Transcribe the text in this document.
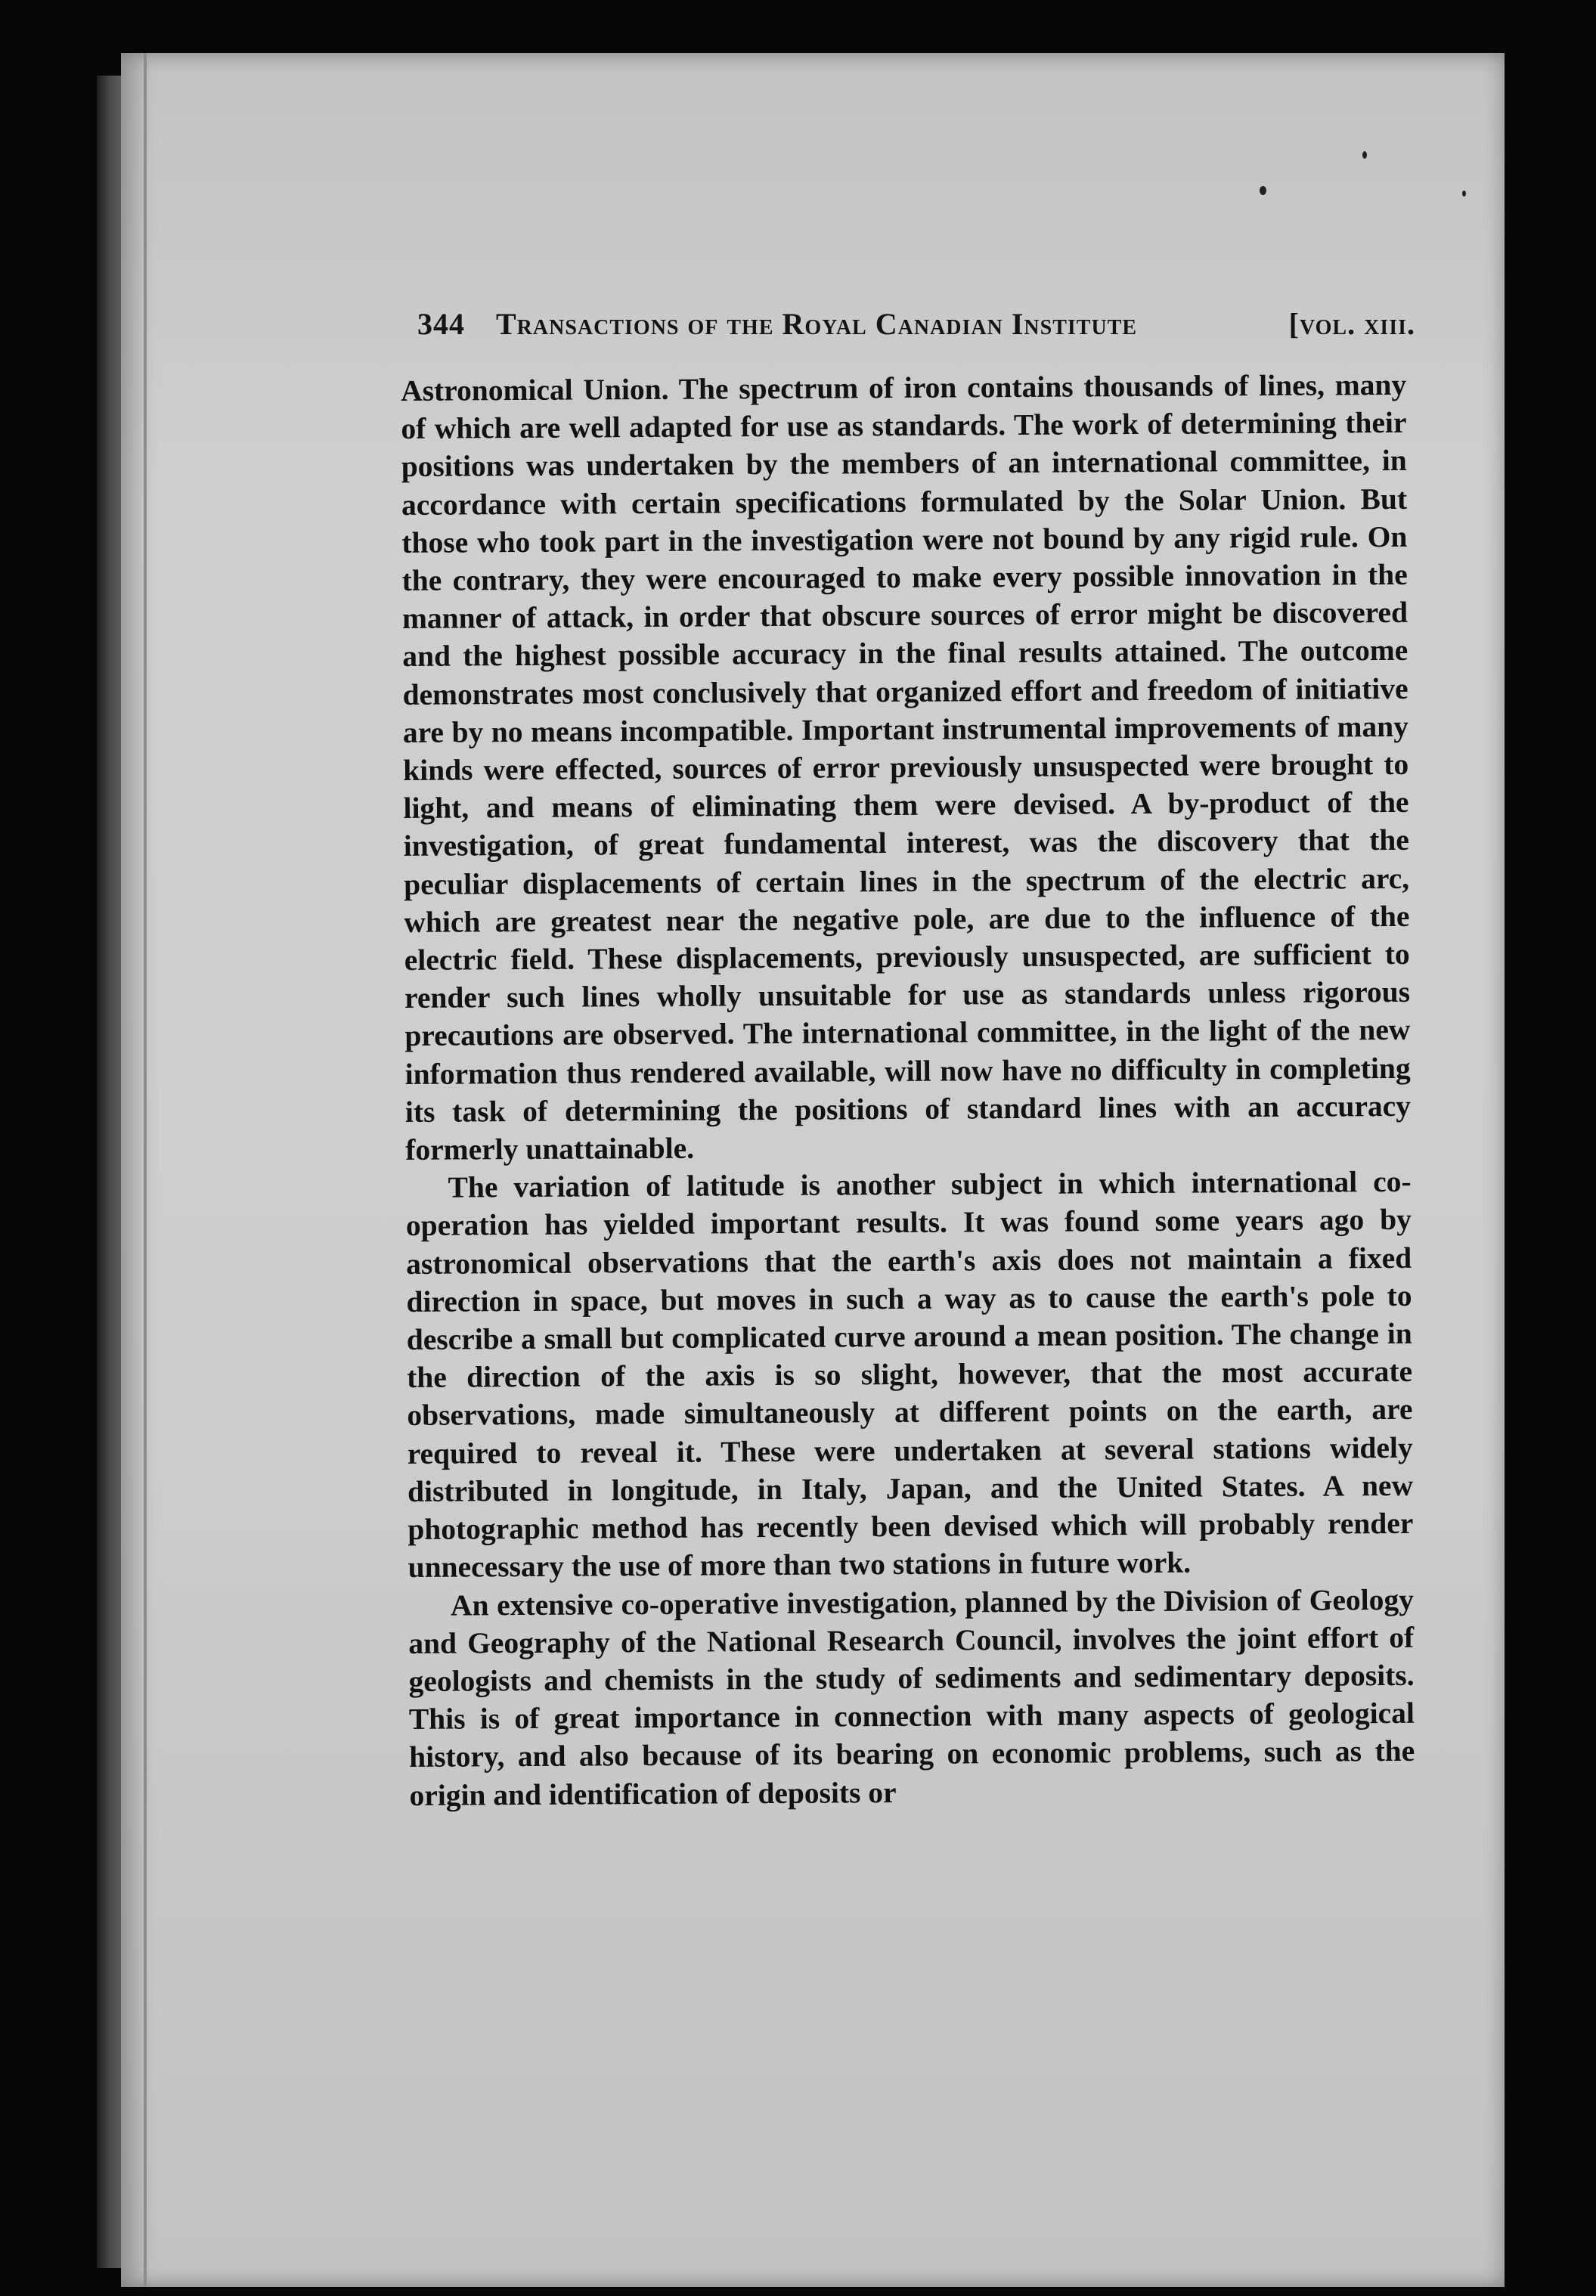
344 Transactions of the Royal Canadian Institute	[vol. xiii.

Astronomical Union. The spectrum of iron contains thousands of lines, many of which are well adapted for use as standards. The work of determining their positions was undertaken by the members of an international committee, in accordance with certain specifications formulated by the Solar Union. But those who took part in the investigation were not bound by any rigid rule. On the contrary, they were encouraged to make every possible innovation in the manner of attack, in order that obscure sources of error might be discovered and the highest possible accuracy in the final results attained. The outcome demonstrates most conclusively that organized effort and freedom of initiative are by no means incompatible. Important instrumental improvements of many kinds were effected, sources of error previously unsuspected were brought to light, and means of eliminating them were devised. A by-product of the investigation, of great fundamental interest, was the discovery that the peculiar displacements of certain lines in the spectrum of the electric arc, which are greatest near the negative pole, are due to the influence of the electric field. These displacements, previously unsuspected, are sufficient to render such lines wholly unsuitable for use as standards unless rigorous precautions are observed. The international committee, in the light of the new information thus rendered available, will now have no difficulty in completing its task of determining the positions of standard lines with an accuracy formerly unattainable.

The variation of latitude is another subject in which international co-operation has yielded important results. It was found some years ago by astronomical observations that the earth's axis does not maintain a fixed direction in space, but moves in such a way as to cause the earth's pole to describe a small but complicated curve around a mean position. The change in the direction of the axis is so slight, however, that the most accurate observations, made simultaneously at different points on the earth, are required to reveal it. These were undertaken at several stations widely distributed in longitude, in Italy, Japan, and the United States. A new photographic method has recently been devised which will probably render unnecessary the use of more than two stations in future work.

An extensive co-operative investigation, planned by the Division of Geology and Geography of the National Research Council, involves the joint effort of geologists and chemists in the study of sediments and sedimentary deposits. This is of great importance in connection with many aspects of geological history, and also because of its bearing on economic problems, such as the origin and identification of deposits or
